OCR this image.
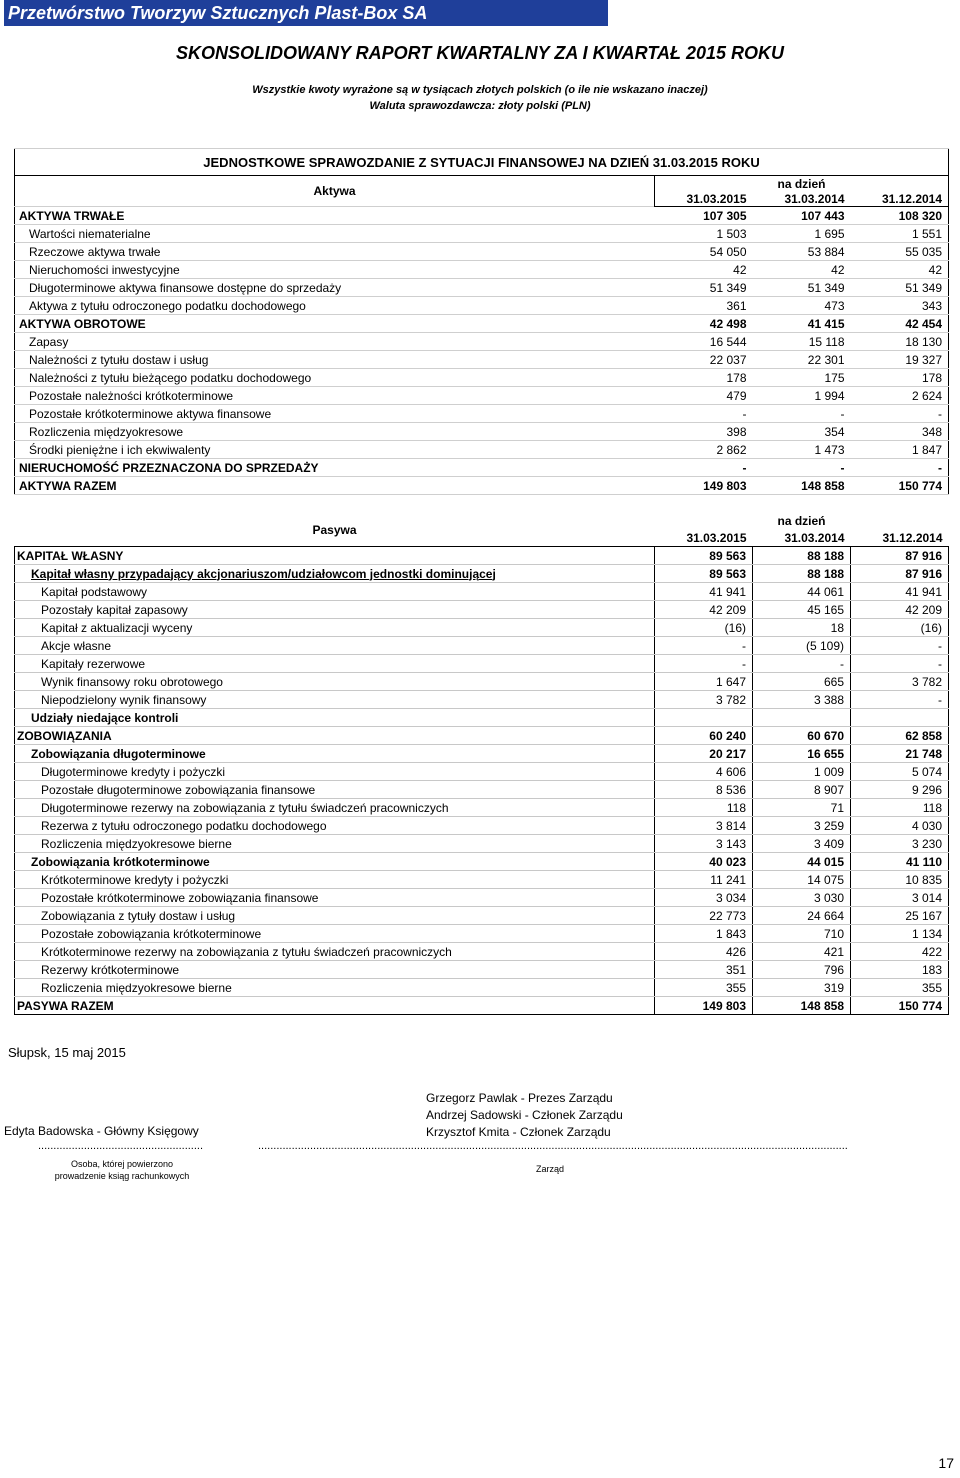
Przetwórstwo Tworzyw Sztucznych Plast-Box SA
SKONSOLIDOWANY RAPORT KWARTALNY ZA I KWARTAŁ 2015 ROKU
Wszystkie kwoty wyrażone są w tysiącach złotych polskich (o ile nie wskazano inaczej)
Waluta sprawozdawcza: złoty polski (PLN)
JEDNOSTKOWE SPRAWOZDANIE Z SYTUACJI FINANSOWEJ NA DZIEŃ 31.03.2015 ROKU			
Aktywa	na dzień		
	31.03.2015	31.03.2014	31.12.2014
AKTYWA TRWAŁE	107 305	107 443	108 320
Wartości niematerialne	1 503	1 695	1 551
Rzeczowe aktywa trwałe	54 050	53 884	55 035
Nieruchomości inwestycyjne	42	42	42
Długoterminowe aktywa finansowe dostępne do sprzedaży	51 349	51 349	51 349
Aktywa z tytułu odroczonego podatku dochodowego	361	473	343
AKTYWA OBROTOWE	42 498	41 415	42 454
Zapasy	16 544	15 118	18 130
Należności z tytułu dostaw i usług	22 037	22 301	19 327
Należności z tytułu bieżącego podatku dochodowego	178	175	178
Pozostałe należności krótkoterminowe	479	1 994	2 624
Pozostałe krótkoterminowe aktywa finansowe	-	-	-
Rozliczenia międzyokresowe	398	354	348
Środki pieniężne i ich ekwiwalenty	2 862	1 473	1 847
NIERUCHOMOŚĆ PRZEZNACZONA DO SPRZEDAŻY	-	-	-
AKTYWA RAZEM	149 803	148 858	150 774
Pasywa	na dzień		
	31.03.2015	31.03.2014	31.12.2014
KAPITAŁ WŁASNY	89 563	88 188	87 916
Kapitał własny przypadający akcjonariuszom/udziałowcom jednostki dominującej	89 563	88 188	87 916
Kapitał podstawowy	41 941	44 061	41 941
Pozostały kapitał zapasowy	42 209	45 165	42 209
Kapitał z aktualizacji wyceny	(16)	18	(16)
Akcje własne	-	(5 109)	-
Kapitały rezerwowe	-	-	-
Wynik finansowy roku obrotowego	1 647	665	3 782
Niepodzielony wynik finansowy	3 782	3 388	-
Udziały niedające kontroli			
ZOBOWIĄZANIA	60 240	60 670	62 858
Zobowiązania długoterminowe	20 217	16 655	21 748
Długoterminowe kredyty i pożyczki	4 606	1 009	5 074
Pozostałe długoterminowe zobowiązania finansowe	8 536	8 907	9 296
Długoterminowe rezerwy na zobowiązania z tytułu świadczeń pracowniczych	118	71	118
Rezerwa z tytułu odroczonego podatku dochodowego	3 814	3 259	4 030
Rozliczenia międzyokresowe bierne	3 143	3 409	3 230
Zobowiązania krótkoterminowe	40 023	44 015	41 110
Krótkoterminowe kredyty i pożyczki	11 241	14 075	10 835
Pozostałe krótkoterminowe zobowiązania finansowe	3 034	3 030	3 014
Zobowiązania z tytuły dostaw i usług	22 773	24 664	25 167
Pozostałe zobowiązania krótkoterminowe	1 843	710	1 134
Krótkoterminowe rezerwy na zobowiązania z tytułu świadczeń pracowniczych	426	421	422
Rezerwy krótkoterminowe	351	796	183
Rozliczenia międzyokresowe bierne	355	319	355
PASYWA RAZEM	149 803	148 858	150 774
Słupsk, 15 maj 2015
Grzegorz Pawlak - Prezes Zarządu
Andrzej Sadowski - Członek Zarządu
Krzysztof Kmita - Członek Zarządu
Edyta Badowska - Główny Księgowy
......................................................	.................................................................................................................................................................................................
Osoba, której powierzono
prowadzenie ksiąg rachunkowych
Zarząd
17
